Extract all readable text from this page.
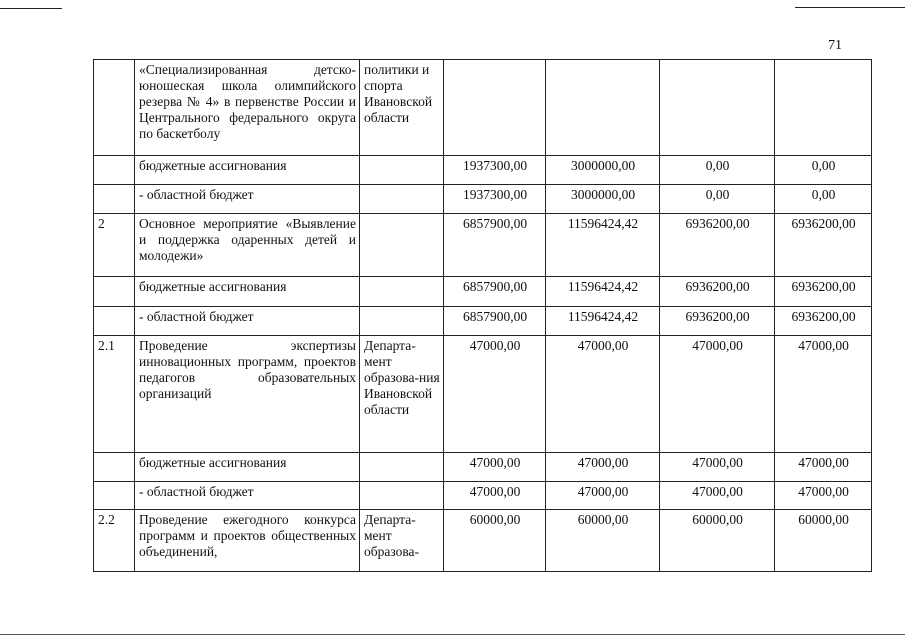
71
	«Специализированная детско-юношеская школа олимпийского резерва № 4» в первенстве России и Центрального федерального округа по баскетболу	политики и спорта Ивановской области				
	бюджетные ассигнования		1937300,00	3000000,00	0,00	0,00
	- областной бюджет		1937300,00	3000000,00	0,00	0,00
2	Основное мероприятие «Выявление и поддержка одаренных детей и молодежи»		6857900,00	11596424,42	6936200,00	6936200,00
	бюджетные ассигнования		6857900,00	11596424,42	6936200,00	6936200,00
	- областной бюджет		6857900,00	11596424,42	6936200,00	6936200,00
2.1	Проведение экспертизы инновационных программ, проектов педагогов образовательных организаций	Департа-мент образова-ния Ивановской области	47000,00	47000,00	47000,00	47000,00
	бюджетные ассигнования		47000,00	47000,00	47000,00	47000,00
	- областной бюджет		47000,00	47000,00	47000,00	47000,00
2.2	Проведение ежегодного конкурса программ и проектов общественных объединений,	Департа-мент образова-	60000,00	60000,00	60000,00	60000,00
